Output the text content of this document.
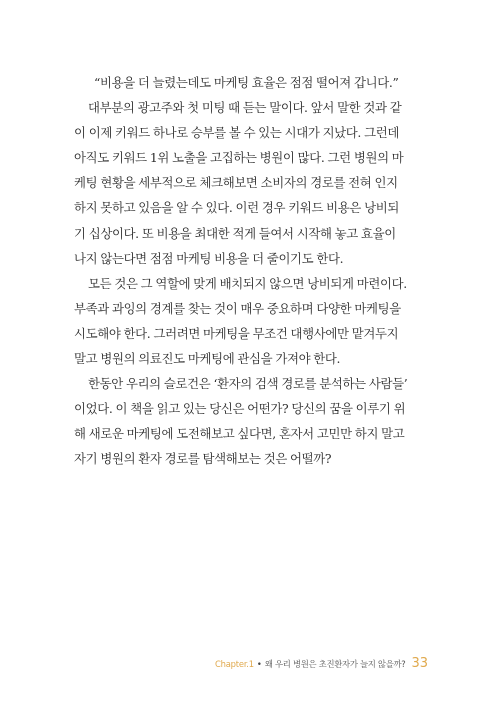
“비용을 더 늘렸는데도 마케팅 효율은 점점 떨어져 갑니다.”
대부분의 광고주와 첫 미팅 때 듣는 말이다. 앞서 말한 것과 같
이 이제 키워드 하나로 승부를 볼 수 있는 시대가 지났다. 그런데
아직도 키워드 1위 노출을 고집하는 병원이 많다. 그런 병원의 마
케팅 현황을 세부적으로 체크해보면 소비자의 경로를 전혀 인지
하지 못하고 있음을 알 수 있다. 이런 경우 키워드 비용은 낭비되
기 십상이다. 또 비용을 최대한 적게 들여서 시작해 놓고 효율이
나지 않는다면 점점 마케팅 비용을 더 줄이기도 한다.
모든 것은 그 역할에 맞게 배치되지 않으면 낭비되게 마련이다.
부족과 과잉의 경계를 찾는 것이 매우 중요하며 다양한 마케팅을
시도해야 한다. 그러려면 마케팅을 무조건 대행사에만 맡겨두지
말고 병원의 의료진도 마케팅에 관심을 가져야 한다.
한동안 우리의 슬로건은 ‘환자의 검색 경로를 분석하는 사람들’
이었다. 이 책을 읽고 있는 당신은 어떤가? 당신의 꿈을 이루기 위
해 새로운 마케팅에 도전해보고 싶다면, 혼자서 고민만 하지 말고
자기 병원의 환자 경로를 탐색해보는 것은 어떨까?
Chapter.1 • 왜 우리 병원은 초진환자가 늘지 않을까? 33
